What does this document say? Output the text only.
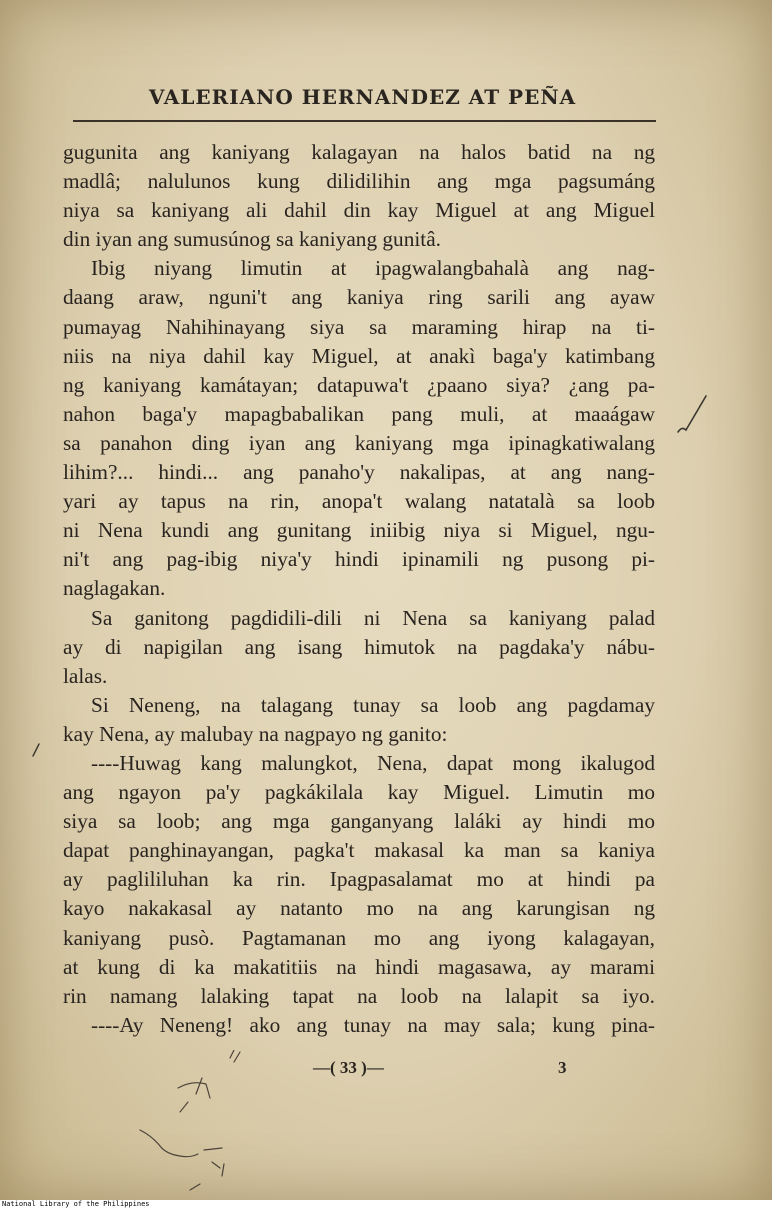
VALERIANO HERNANDEZ AT PEÑA
gugunita ang kaniyang kalagayan na halos batid na ng
madlâ; nalulunos kung dilidilihin ang mga pagsumáng
niya sa kaniyang ali dahil din kay Miguel at ang Miguel
din iyan ang sumusúnog sa kaniyang gunitâ.
Ibig niyang limutin at ipagwalangbahalà ang nag-
daang araw, nguni't ang kaniya ring sarili ang ayaw
pumayag Nahihinayang siya sa maraming hirap na ti-
niis na niya dahil kay Miguel, at anakì baga'y katimbang
ng kaniyang kamátayan; datapuwa't ¿paano siya? ¿ang pa-
nahon baga'y mapagbabalikan pang muli, at maaágaw
sa panahon ding iyan ang kaniyang mga ipinagkatiwalang
lihim?... hindi... ang panaho'y nakalipas, at ang nang-
yari ay tapus na rin, anopa't walang natatalà sa loob
ni Nena kundi ang gunitang iniibig niya si Miguel, ngu-
ni't ang pag-ibig niya'y hindi ipinamili ng pusong pi-
naglagakan.
Sa ganitong pagdidili-dili ni Nena sa kaniyang palad
ay di napigilan ang isang himutok na pagdaka'y nábu-
lalas.
Si Neneng, na talagang tunay sa loob ang pagdamay
kay Nena, ay malubay na nagpayo ng ganito:
----Huwag kang malungkot, Nena, dapat mong ikalugod
ang ngayon pa'y pagkákilala kay Miguel. Limutin mo
siya sa loob; ang mga ganganyang laláki ay hindi mo
dapat panghinayangan, pagka't makasal ka man sa kaniya
ay paglililuhan ka rin. Ipagpasalamat mo at hindi pa
kayo nakakasal ay natanto mo na ang karungisan ng
kaniyang pusò. Pagtamanan mo ang iyong kalagayan,
at kung di ka makatitiis na hindi magasawa, ay marami
rin namang lalaking tapat na loob na lalapit sa iyo.
----Ay Neneng! ako ang tunay na may sala; kung pina-
—( 33 )—	3
National Library of the Philippines
